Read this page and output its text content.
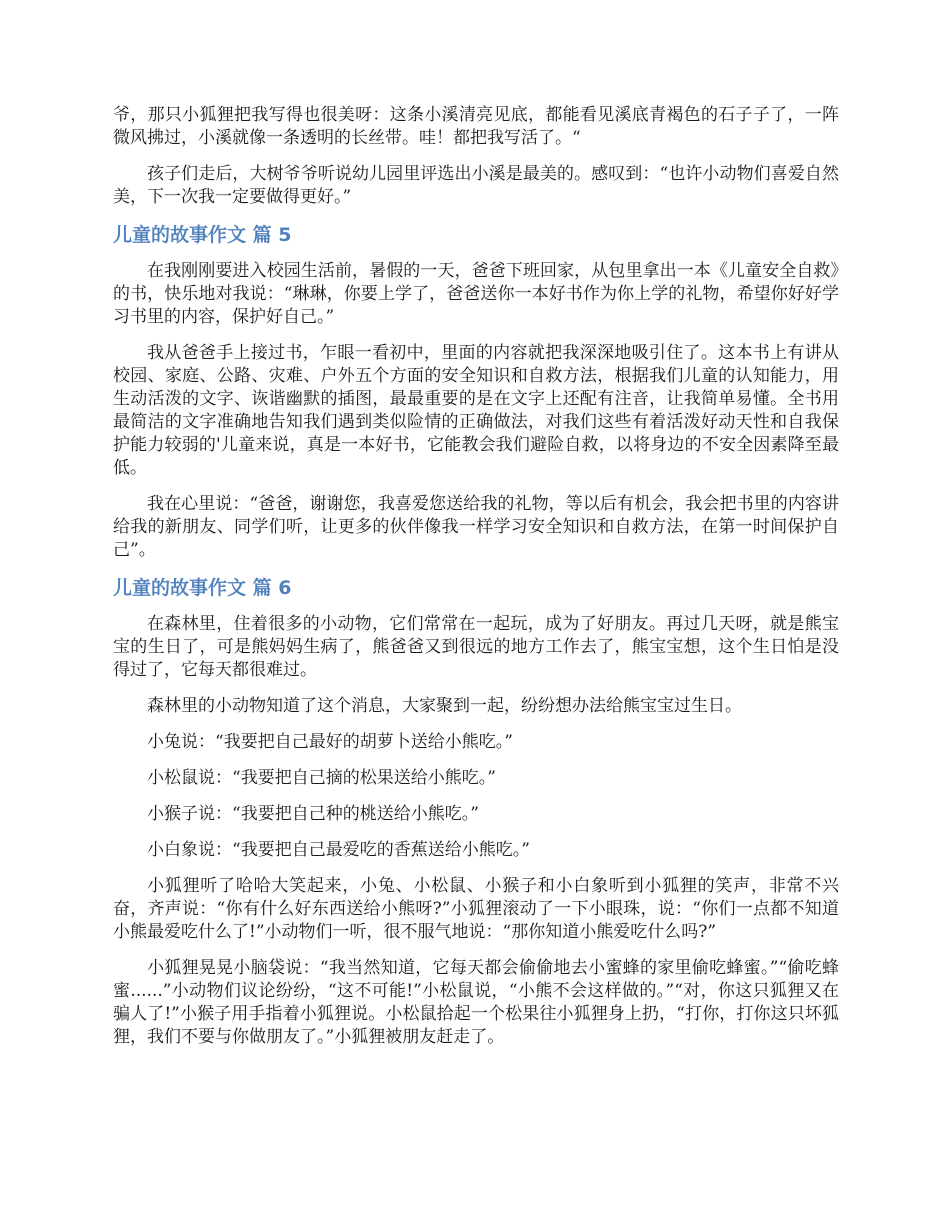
爷，那只小狐狸把我写得也很美呀：这条小溪清亮见底，都能看见溪底青褐色的石子子了，一阵微风拂过，小溪就像一条透明的长丝带。哇！都把我写活了。“

孩子们走后，大树爷爷听说幼儿园里评选出小溪是最美的。感叹到：“也许小动物们喜爱自然美，下一次我一定要做得更好。”

儿童的故事作文 篇 5

在我刚刚要进入校园生活前，暑假的一天，爸爸下班回家，从包里拿出一本《儿童安全自救》的书，快乐地对我说：“琳琳，你要上学了，爸爸送你一本好书作为你上学的礼物，希望你好好学习书里的内容，保护好自己。”

我从爸爸手上接过书，乍眼一看初中，里面的内容就把我深深地吸引住了。这本书上有讲从校园、家庭、公路、灾难、户外五个方面的安全知识和自救方法，根据我们儿童的认知能力，用生动活泼的文字、诙谐幽默的插图，最最重要的是在文字上还配有注音，让我简单易懂。全书用最简洁的文字准确地告知我们遇到类似险情的正确做法，对我们这些有着活泼好动天性和自我保护能力较弱的'儿童来说，真是一本好书，它能教会我们避险自救，以将身边的不安全因素降至最低。

我在心里说：“爸爸，谢谢您，我喜爱您送给我的礼物，等以后有机会，我会把书里的内容讲给我的新朋友、同学们听，让更多的伙伴像我一样学习安全知识和自救方法，在第一时间保护自己”。

儿童的故事作文 篇 6

在森林里，住着很多的小动物，它们常常在一起玩，成为了好朋友。再过几天呀，就是熊宝宝的生日了，可是熊妈妈生病了，熊爸爸又到很远的地方工作去了，熊宝宝想，这个生日怕是没得过了，它每天都很难过。

森林里的小动物知道了这个消息，大家聚到一起，纷纷想办法给熊宝宝过生日。

小兔说：“我要把自己最好的胡萝卜送给小熊吃。”

小松鼠说：“我要把自己摘的松果送给小熊吃。”

小猴子说：“我要把自己种的桃送给小熊吃。”

小白象说：“我要把自己最爱吃的香蕉送给小熊吃。”

小狐狸听了哈哈大笑起来，小兔、小松鼠、小猴子和小白象听到小狐狸的笑声，非常不兴奋，齐声说：“你有什么好东西送给小熊呀?”小狐狸滚动了一下小眼珠，说：“你们一点都不知道小熊最爱吃什么了!”小动物们一听，很不服气地说：“那你知道小熊爱吃什么吗?”

小狐狸晃晃小脑袋说：“我当然知道，它每天都会偷偷地去小蜜蜂的家里偷吃蜂蜜。”“偷吃蜂蜜......”小动物们议论纷纷，“这不可能!”小松鼠说，“小熊不会这样做的。”“对，你这只狐狸又在骗人了!”小猴子用手指着小狐狸说。小松鼠拾起一个松果往小狐狸身上扔，“打你，打你这只坏狐狸，我们不要与你做朋友了。”小狐狸被朋友赶走了。
